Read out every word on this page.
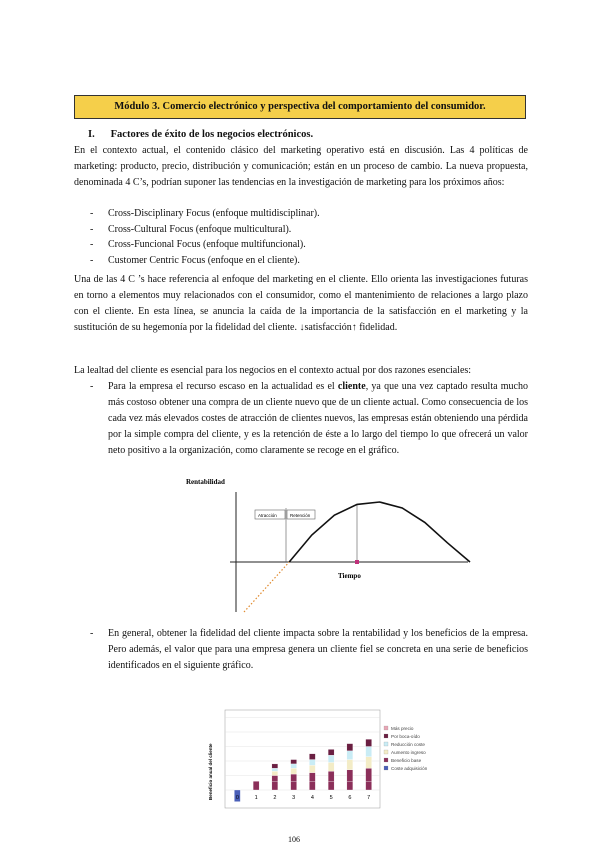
Módulo 3. Comercio electrónico y perspectiva del comportamiento del consumidor.
I. Factores de éxito de los negocios electrónicos.

En el contexto actual, el contenido clásico del marketing operativo está en discusión. Las 4 políticas de marketing: producto, precio, distribución y comunicación; están en un proceso de cambio. La nueva propuesta, denominada 4 C’s, podrían suponer las tendencias en la investigación de marketing para los próximos años:

- Cross-Disciplinary Focus (enfoque multidisciplinar).
- Cross-Cultural Focus (enfoque multicultural).
- Cross-Funcional Focus (enfoque multifuncional).
- Customer Centric Focus (enfoque en el cliente).

Una de las 4 C ’s hace referencia al enfoque del marketing en el cliente. Ello orienta las investigaciones futuras en torno a elementos muy relacionados con el consumidor, como el mantenimiento de relaciones a largo plazo con el cliente. En esta línea, se anuncia la caída de la importancia de la satisfacción en el marketing y la sustitución de su hegemonía por la fidelidad del cliente. ↓satisfacción↑ fidelidad.

La lealtad del cliente es esencial para los negocios en el contexto actual por dos razones esenciales:

-	Para la empresa el recurso escaso en la actualidad es el cliente, ya que una vez captado resulta mucho más costoso obtener una compra de un cliente nuevo que de un cliente actual. Como consecuencia de los cada vez más elevados costes de atracción de clientes nuevos, las empresas están obteniendo una pérdida por la simple compra del cliente, y es la retención de éste a lo largo del tiempo lo que ofrecerá un valor neto positivo a la organización, como claramente se recoge en el gráfico.
Rentabilidad
Atracción	Retención
Tiempo
-	En general, obtener la fidelidad del cliente impacta sobre la rentabilidad y los beneficios de la empresa. Pero además, el valor que para una empresa genera un cliente fiel se concreta en una serie de beneficios identificados en el siguiente gráfico.
Beneficio anual del cliente	0	1	2	3	4	5	6	7
Más precio
Por boca-oído
Reducción coste
Aumento ingreso
Beneficio base
Coste adquisición
106
